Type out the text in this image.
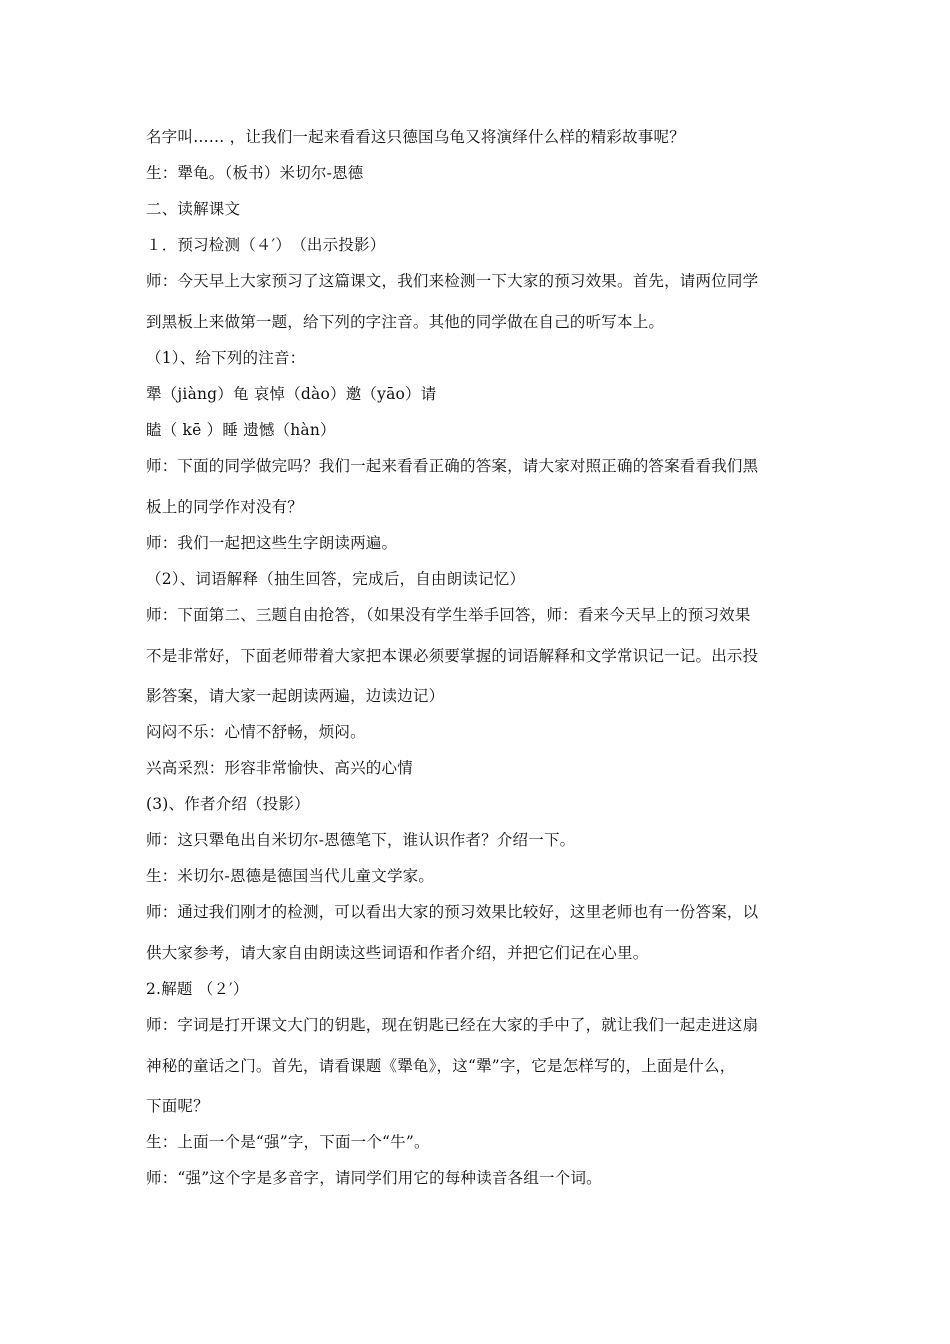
名字叫…… ，让我们一起来看看这只德国乌龟又将演绎什么样的精彩故事呢？
生：犟龟。（板书）米切尔-恩德
二、读解课文
１．预习检测（４′）　（出示投影）
师：今天早上大家预习了这篇课文，我们来检测一下大家的预习效果。首先，请两位同学
到黑板上来做第一题，给下列的字注音。其他的同学做在自己的听写本上。
（1）、给下列的注音：
犟（jiàng）龟 哀悼（dào）邀（yāo）请
瞌（ kē ）睡 遗憾（hàn）
师：下面的同学做完吗？我们一起来看看正确的答案，请大家对照正确的答案看看我们黑
板上的同学作对没有？
师：我们一起把这些生字朗读两遍。
（2）、词语解释（抽生回答，完成后，自由朗读记忆）
师：下面第二、三题自由抢答，（如果没有学生举手回答，师：看来今天早上的预习效果
不是非常好，下面老师带着大家把本课必须要掌握的词语解释和文学常识记一记。出示投
影答案，请大家一起朗读两遍，边读边记）
闷闷不乐：心情不舒畅，烦闷。
兴高采烈：形容非常愉快、高兴的心情
(3)、作者介绍（投影）
师：这只犟龟出自米切尔-恩德笔下，谁认识作者？介绍一下。
生：米切尔-恩德是德国当代儿童文学家。
师：通过我们刚才的检测，可以看出大家的预习效果比较好，这里老师也有一份答案，以
供大家参考，请大家自由朗读这些词语和作者介绍，并把它们记在心里。
2.解题 （２′）
师：字词是打开课文大门的钥匙，现在钥匙已经在大家的手中了，就让我们一起走进这扇
神秘的童话之门。首先，请看课题《犟龟》，这“犟”字，它是怎样写的，上面是什么，
下面呢？
生：上面一个是“强”字，下面一个“牛”。
师：“强”这个字是多音字，请同学们用它的每种读音各组一个词。
